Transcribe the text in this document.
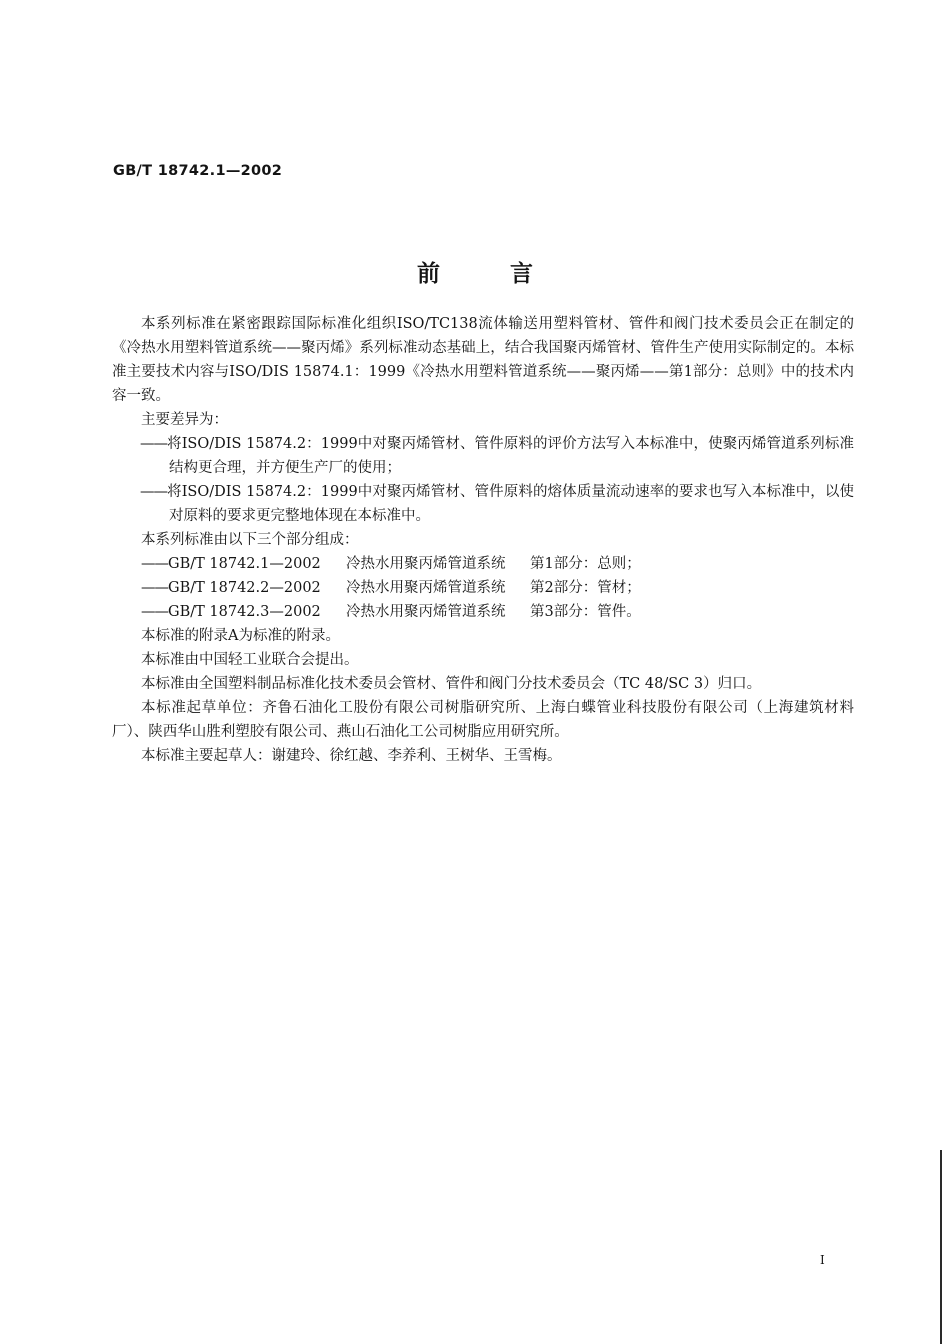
GB/T 18742.1—2002
前	言

本系列标准在紧密跟踪国际标准化组织ISO/TC138流体输送用塑料管材、管件和阀门技术委员会正在制定的《冷热水用塑料管道系统——聚丙烯》系列标准动态基础上，结合我国聚丙烯管材、管件生产使用实际制定的。本标准主要技术内容与ISO/DIS 15874.1：1999《冷热水用塑料管道系统——聚丙烯——第1部分：总则》中的技术内容一致。

主要差异为：

——将ISO/DIS 15874.2：1999中对聚丙烯管材、管件原料的评价方法写入本标准中，使聚丙烯管道系列标准结构更合理，并方便生产厂的使用；

——将ISO/DIS 15874.2：1999中对聚丙烯管材、管件原料的熔体质量流动速率的要求也写入本标准中，以使对原料的要求更完整地体现在本标准中。

本系列标准由以下三个部分组成：

——GB/T 18742.1—2002 冷热水用聚丙烯管道系统 第1部分：总则；

——GB/T 18742.2—2002 冷热水用聚丙烯管道系统 第2部分：管材；

——GB/T 18742.3—2002 冷热水用聚丙烯管道系统 第3部分：管件。

本标准的附录A为标准的附录。

本标准由中国轻工业联合会提出。

本标准由全国塑料制品标准化技术委员会管材、管件和阀门分技术委员会（TC 48/SC 3）归口。

本标准起草单位：齐鲁石油化工股份有限公司树脂研究所、上海白蝶管业科技股份有限公司（上海建筑材料厂）、陕西华山胜利塑胶有限公司、燕山石油化工公司树脂应用研究所。

本标准主要起草人：谢建玲、徐红越、李养利、王树华、王雪梅。

I
